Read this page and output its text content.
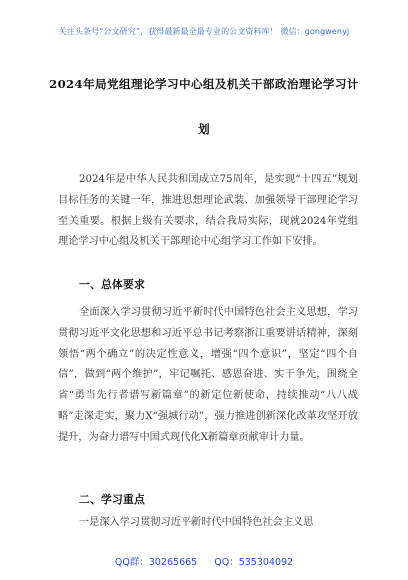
关注头条号“公文研究”，获得最新最全最专业的公文资料库！ 微信：gongwenyj
2024年局党组理论学习中心组及机关干部政治理论学习计
划
2024年是中华人民共和国成立75周年，是实现“十四五”规划目标任务的关键一年，推进思想理论武装、加强领导干部理论学习至关重要。根据上级有关要求，结合我局实际，现就2024年党组理论学习中心组及机关干部理论中心组学习工作如下安排。
一、总体要求
全面深入学习贯彻习近平新时代中国特色社会主义思想，学习贯彻习近平文化思想和习近平总书记考察浙江重要讲话精神，深刻领悟“两个确立”的决定性意义，增强“四个意识”，坚定“四个自信”，做到“两个维护”，牢记嘱托、感恩奋进、实干争先，围绕全省“勇当先行者谱写新篇章”的新定位新使命，持续推动“八八战略”走深走实，聚力X“强城行动”，强力推进创新深化改革攻坚开放提升，为奋力谱写中国式现代化X新篇章贡献审计力量。
二、学习重点
一是深入学习贯彻习近平新时代中国特色社会主义思
QQ群：30265665 QQ：535304092
